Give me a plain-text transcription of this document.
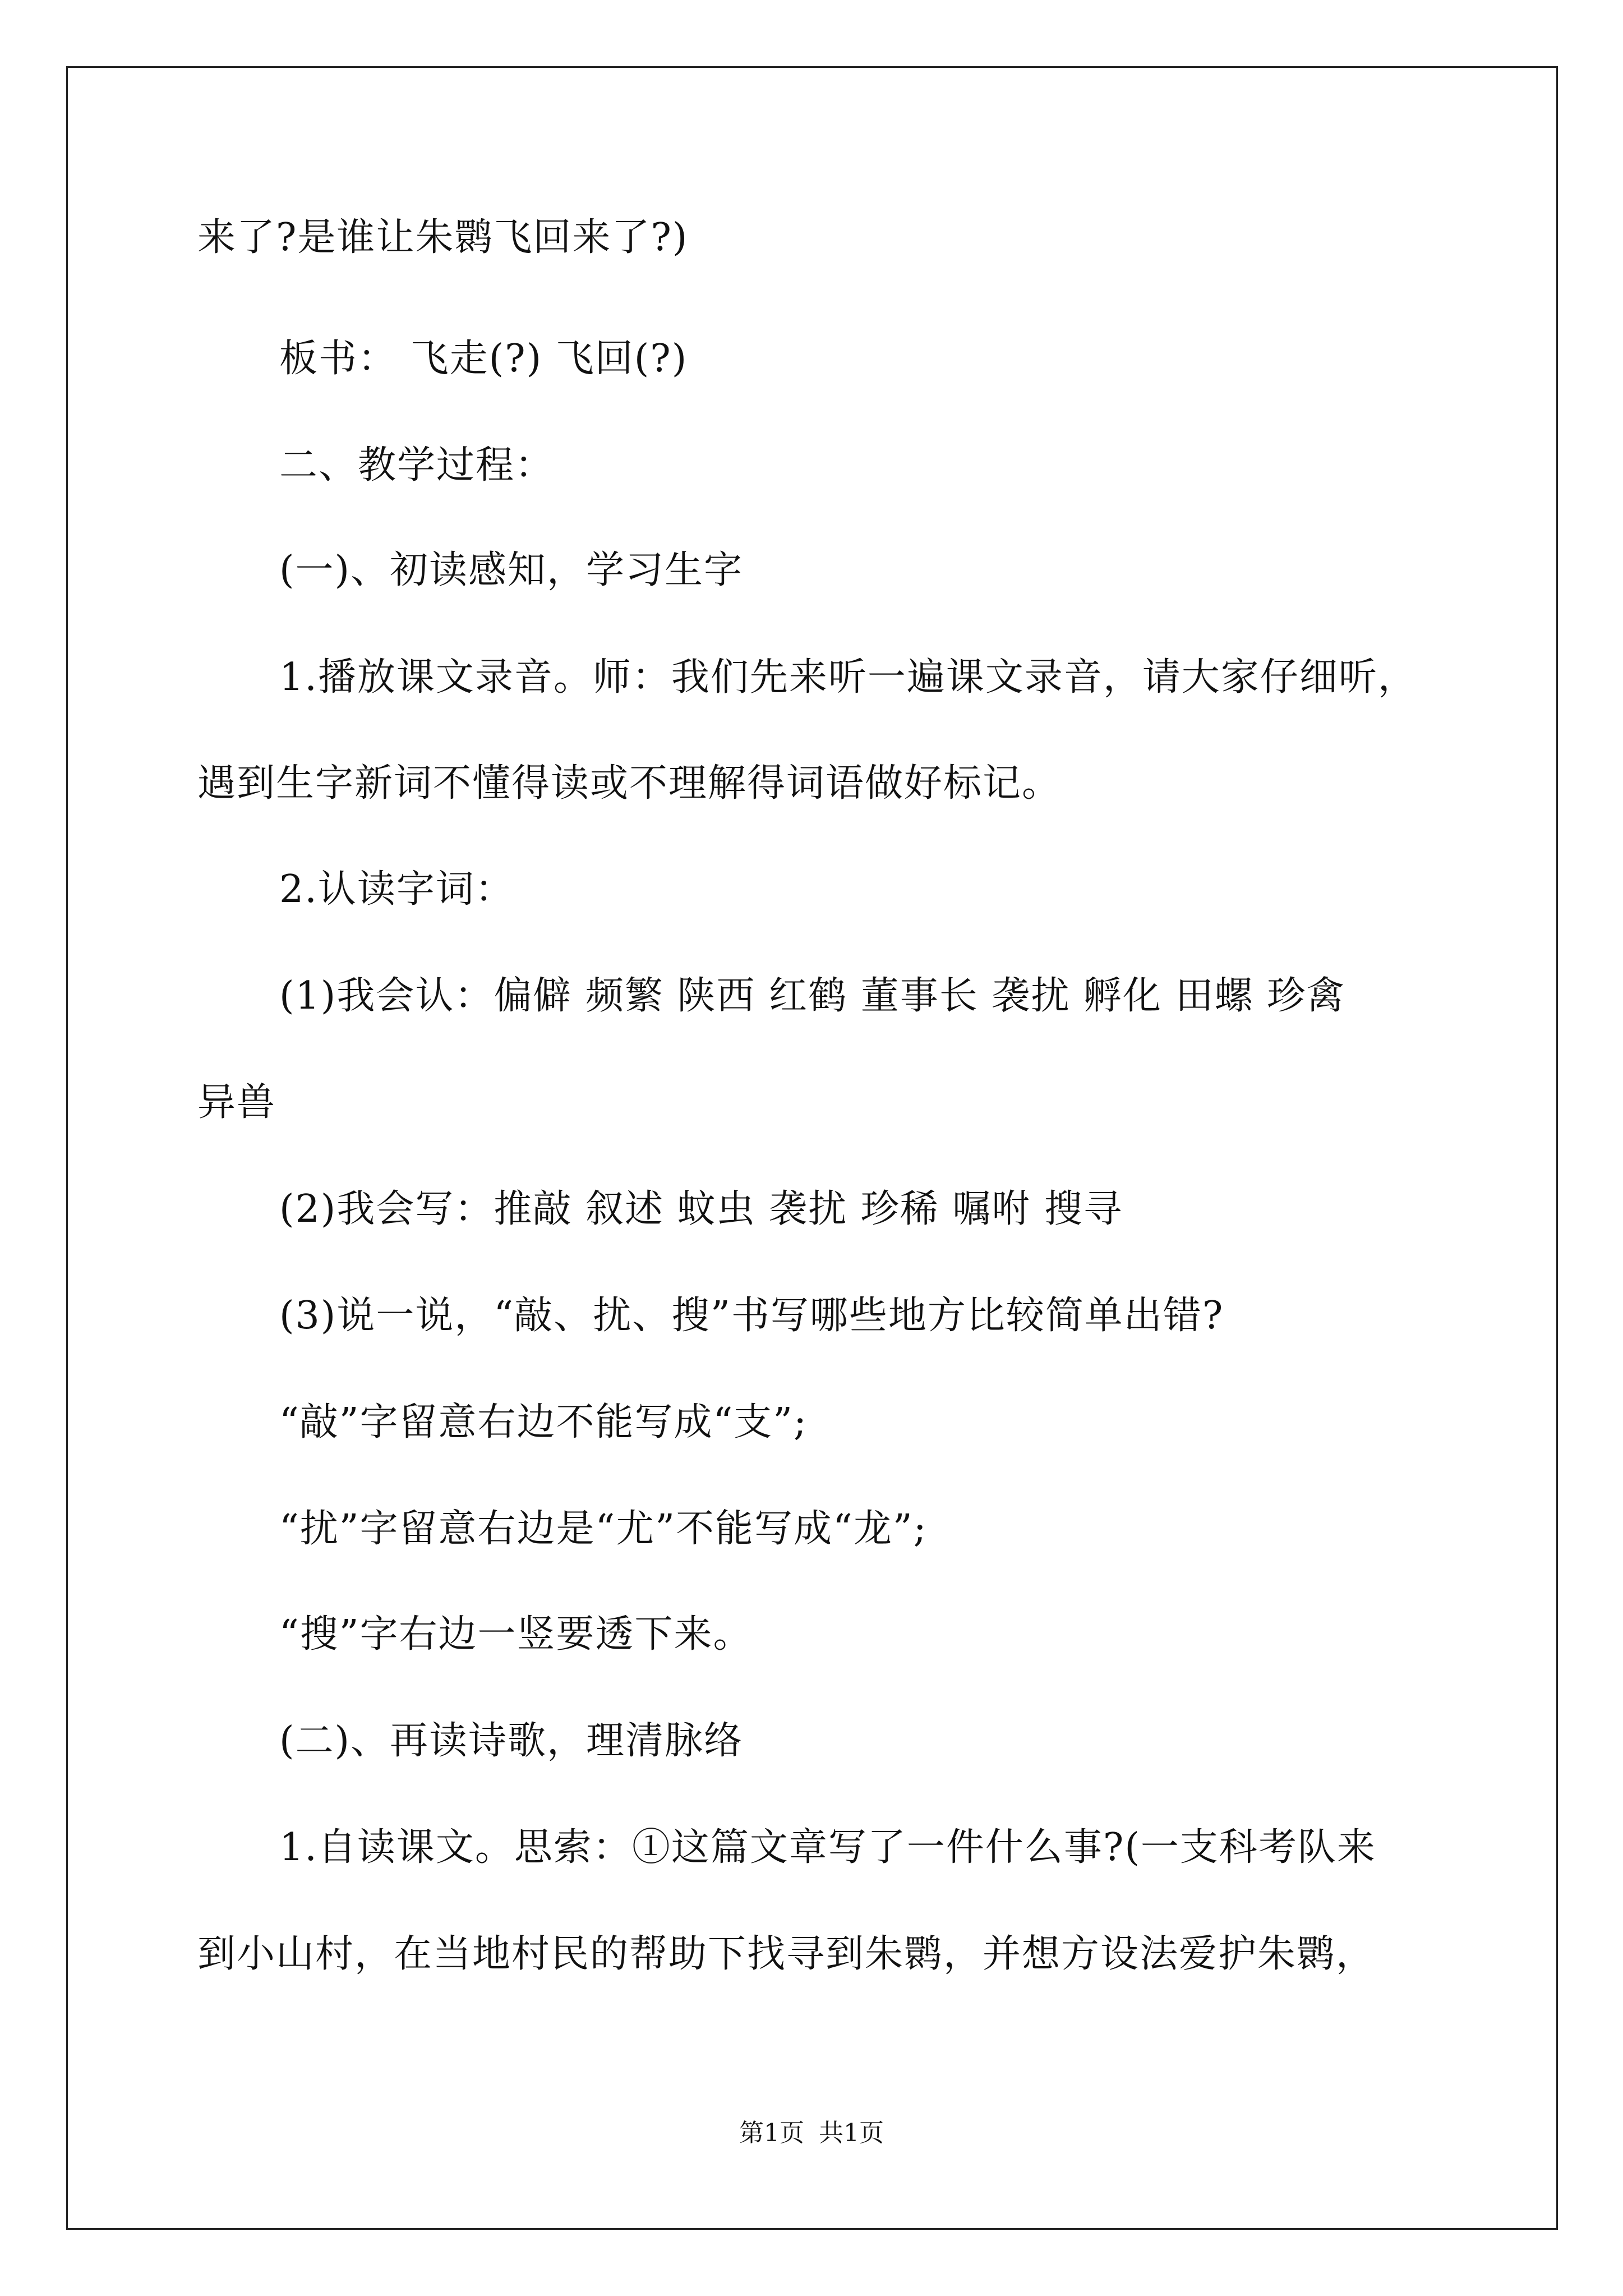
来了?是谁让朱鹮飞回来了?)
板书： 飞走(?) 飞回(?)
二、教学过程：
(一)、初读感知，学习生字
1.播放课文录音。师：我们先来听一遍课文录音，请大家仔细听，
遇到生字新词不懂得读或不理解得词语做好标记。
2.认读字词：
(1)我会认：偏僻 频繁 陕西 红鹤 董事长 袭扰 孵化 田螺 珍禽
异兽
(2)我会写：推敲 叙述 蚊虫 袭扰 珍稀 嘱咐 搜寻
(3)说一说，“敲、扰、搜”书写哪些地方比较简单出错?
“敲”字留意右边不能写成“支”;
“扰”字留意右边是“尤”不能写成“龙”;
“搜”字右边一竖要透下来。
(二)、再读诗歌，理清脉络
1.自读课文。思索：①这篇文章写了一件什么事?(一支科考队来
到小山村，在当地村民的帮助下找寻到朱鹮，并想方设法爱护朱鹮，
第1页 共1页
